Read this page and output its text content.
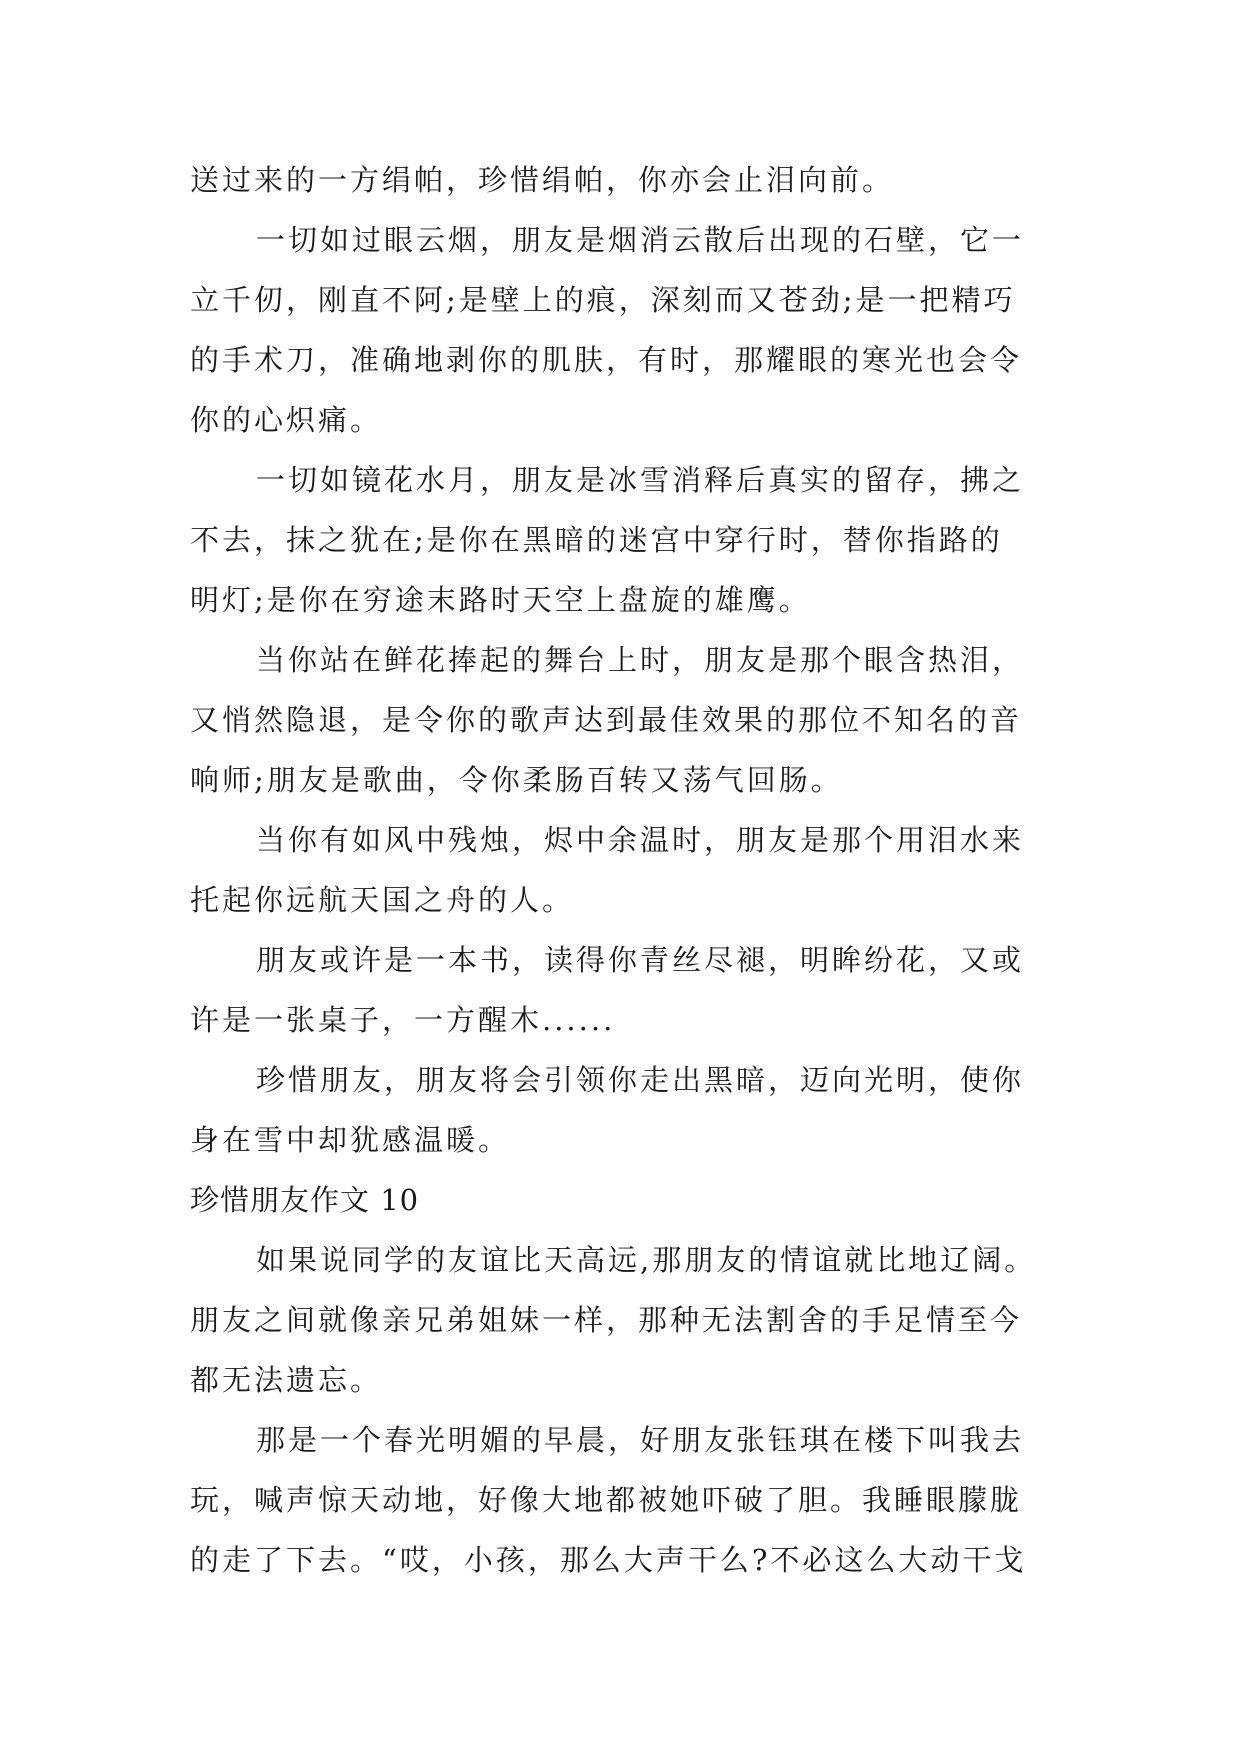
送过来的一方绢帕，珍惜绢帕，你亦会止泪向前。
一切如过眼云烟，朋友是烟消云散后出现的石壁，它一
立千仞，刚直不阿;是壁上的痕，深刻而又苍劲;是一把精巧
的手术刀，准确地剥你的肌肤，有时，那耀眼的寒光也会令
你的心炽痛。
一切如镜花水月，朋友是冰雪消释后真实的留存，拂之
不去，抹之犹在;是你在黑暗的迷宫中穿行时，替你指路的
明灯;是你在穷途末路时天空上盘旋的雄鹰。
当你站在鲜花捧起的舞台上时，朋友是那个眼含热泪，
又悄然隐退，是令你的歌声达到最佳效果的那位不知名的音
响师;朋友是歌曲，令你柔肠百转又荡气回肠。
当你有如风中残烛，烬中余温时，朋友是那个用泪水来
托起你远航天国之舟的人。
朋友或许是一本书，读得你青丝尽褪，明眸纷花，又或
许是一张桌子，一方醒木......
珍惜朋友，朋友将会引领你走出黑暗，迈向光明，使你
身在雪中却犹感温暖。
珍惜朋友作文 10
如果说同学的友谊比天高远,那朋友的情谊就比地辽阔。
朋友之间就像亲兄弟姐妹一样，那种无法割舍的手足情至今
都无法遗忘。
那是一个春光明媚的早晨，好朋友张钰琪在楼下叫我去
玩，喊声惊天动地，好像大地都被她吓破了胆。我睡眼朦胧
的走了下去。“哎，小孩，那么大声干么?不必这么大动干戈
